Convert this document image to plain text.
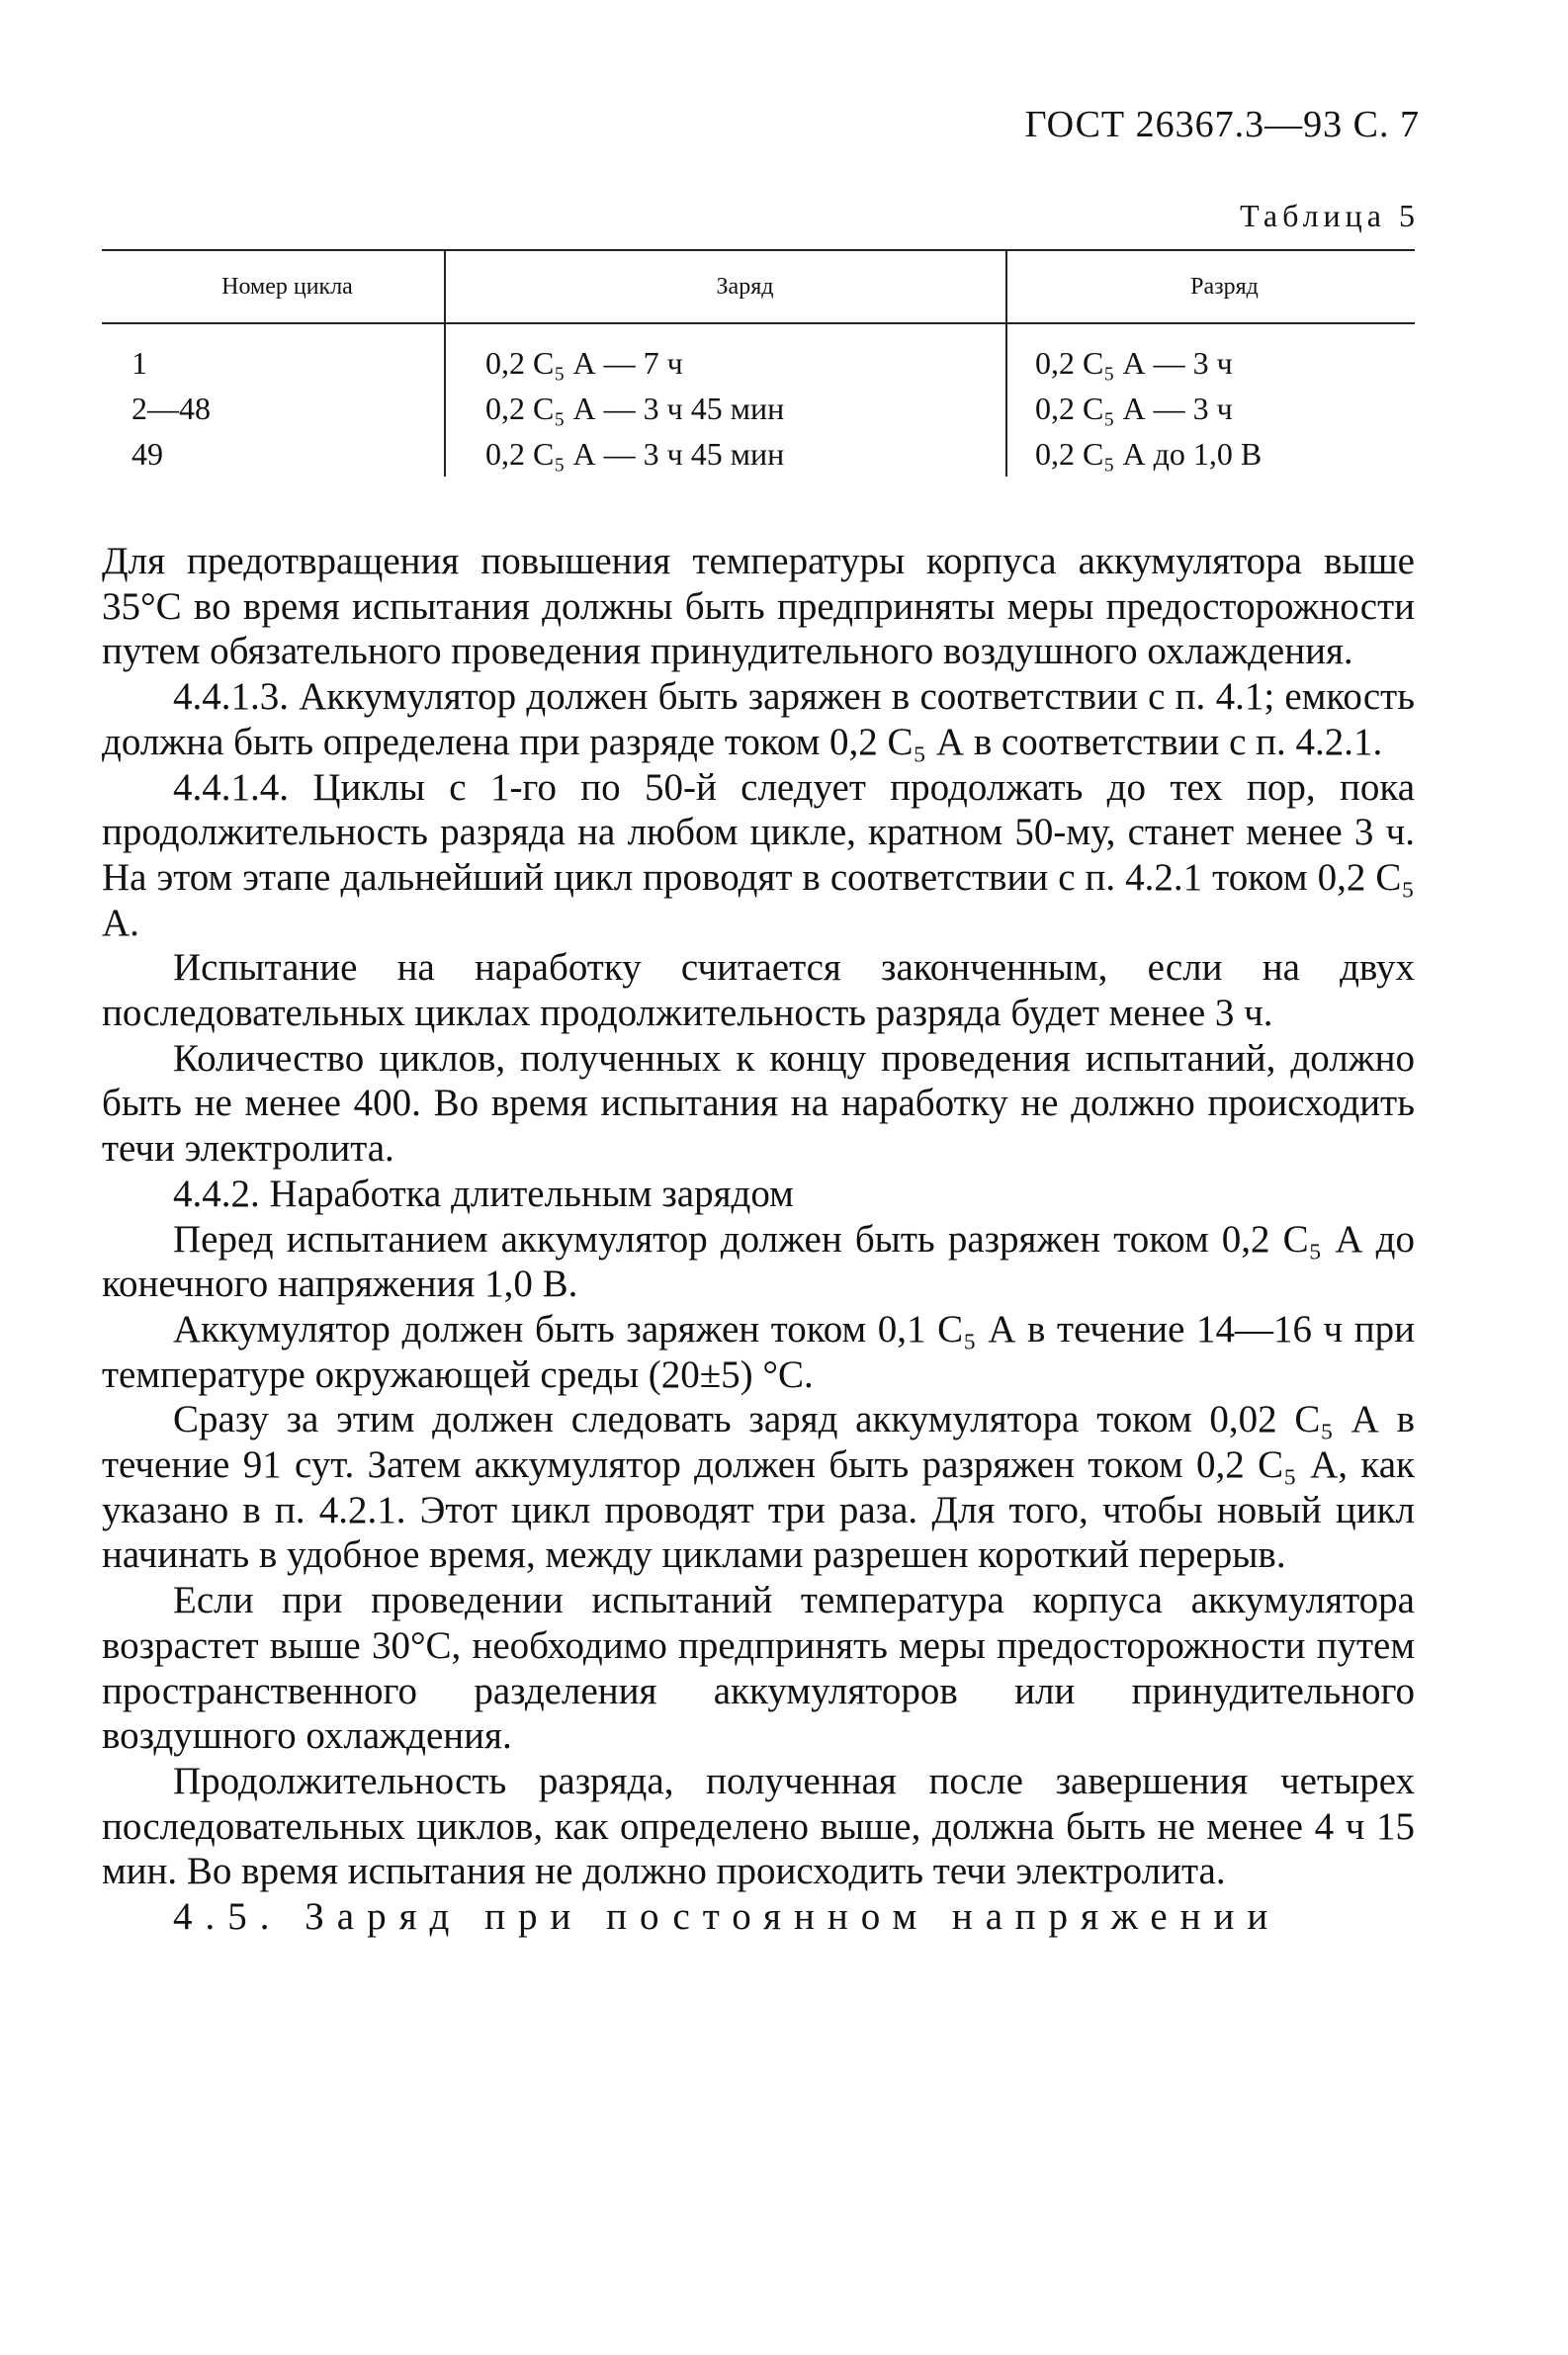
ГОСТ 26367.3—93 С. 7
Таблица 5
Номер цикла	Заряд	Разряд
1	0,2 C₅ А — 7 ч	0,2 C₅ А — 3 ч
2—48	0,2 C₅ А — 3 ч 45 мин	0,2 C₅ А — 3 ч
49	0,2 C₅ А — 3 ч 45 мин	0,2 C₅ А до 1,0 В

Для предотвращения повышения температуры корпуса аккумулятора выше 35°С во время испытания должны быть предприняты меры предосторожности путем обязательного проведения принудительного воздушного охлаждения.

4.4.1.3. Аккумулятор должен быть заряжен в соответствии с п. 4.1; емкость должна быть определена при разряде током 0,2 C₅ А в соответствии с п. 4.2.1.

4.4.1.4. Циклы с 1-го по 50-й следует продолжать до тех пор, пока продолжительность разряда на любом цикле, кратном 50-му, станет менее 3 ч. На этом этапе дальнейший цикл проводят в соответствии с п. 4.2.1 током 0,2 C₅ А.

Испытание на наработку считается законченным, если на двух последовательных циклах продолжительность разряда будет менее 3 ч.

Количество циклов, полученных к концу проведения испытаний, должно быть не менее 400. Во время испытания на наработку не должно происходить течи электролита.

4.4.2. Наработка длительным зарядом

Перед испытанием аккумулятор должен быть разряжен током 0,2 C₅ А до конечного напряжения 1,0 В.

Аккумулятор должен быть заряжен током 0,1 C₅ А в течение 14—16 ч при температуре окружающей среды (20±5) °С.

Сразу за этим должен следовать заряд аккумулятора током 0,02 C₅ А в течение 91 сут. Затем аккумулятор должен быть разряжен током 0,2 C₅ А, как указано в п. 4.2.1. Этот цикл проводят три раза. Для того, чтобы новый цикл начинать в удобное время, между циклами разрешен короткий перерыв.

Если при проведении испытаний температура корпуса аккумулятора возрастет выше 30°С, необходимо предпринять меры предосторожности путем пространственного разделения аккумуляторов или принудительного воздушного охлаждения.

Продолжительность разряда, полученная после завершения четырех последовательных циклов, как определено выше, должна быть не менее 4 ч 15 мин. Во время испытания не должно происходить течи электролита.

4.5. Заряд при постоянном напряжении
